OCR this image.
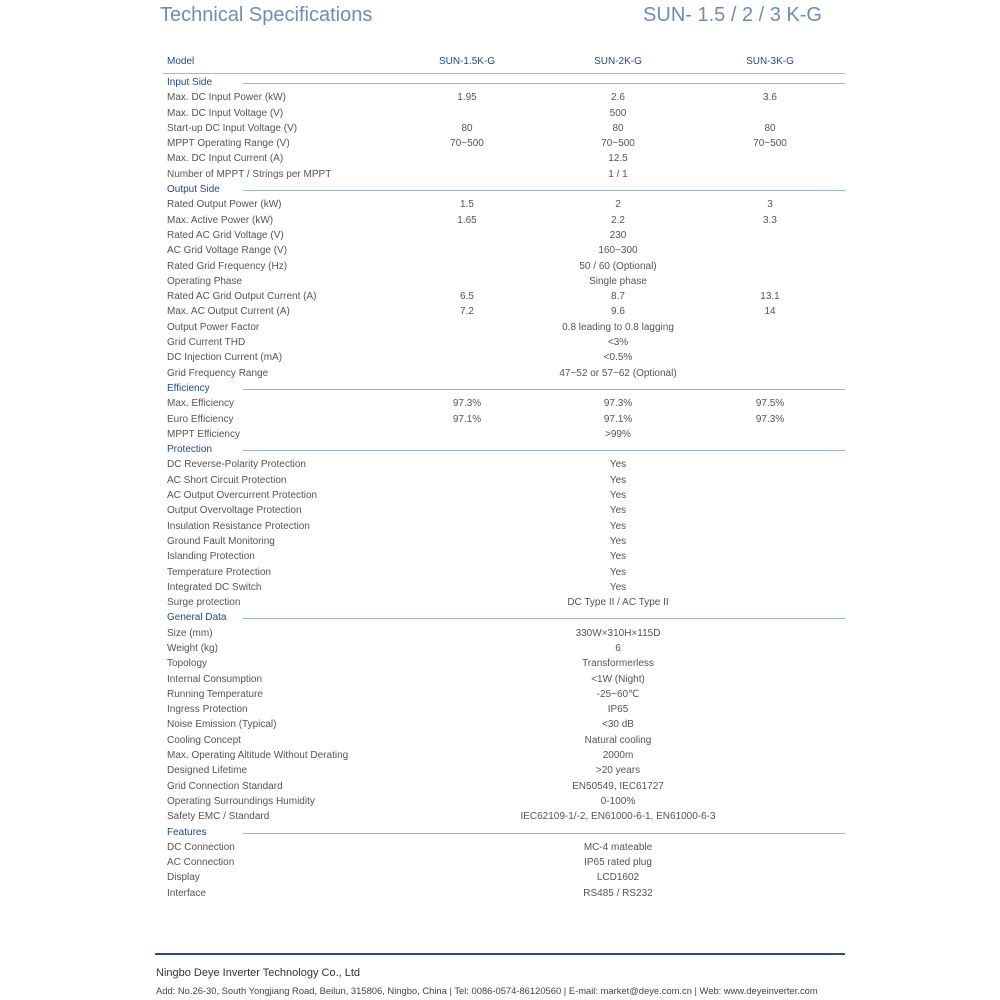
Technical Specifications	SUN- 1.5 / 2 / 3 K-G
Model	SUN-1.5K-G	SUN-2K-G	SUN-3K-G
Input Side
Max. DC Input Power (kW)	1.95	2.6	3.6
Max. DC Input Voltage (V)	500
Start-up DC Input Voltage (V)	80	80	80
MPPT Operating Range (V)	70~500	70~500	70~500
Max. DC Input Current (A)	12.5
Number of MPPT / Strings per MPPT	1 / 1
Output Side
Rated Output Power (kW)	1.5	2	3
Max. Active Power (kW)	1.65	2.2	3.3
Rated AC Grid Voltage (V)	230
AC Grid Voltage Range (V)	160~300
Rated Grid Frequency (Hz)	50 / 60 (Optional)
Operating Phase	Single phase
Rated AC Grid Output Current (A)	6.5	8.7	13.1
Max. AC Output Current (A)	7.2	9.6	14
Output Power Factor	0.8 leading to 0.8 lagging
Grid Current THD	<3%
DC Injection Current (mA)	<0.5%
Grid Frequency Range	47~52 or 57~62 (Optional)
Efficiency
Max. Efficiency	97.3%	97.3%	97.5%
Euro Efficiency	97.1%	97.1%	97.3%
MPPT Efficiency	>99%
Protection
DC Reverse-Polarity Protection	Yes
AC Short Circuit Protection	Yes
AC Output Overcurrent Protection	Yes
Output Overvoltage Protection	Yes
Insulation Resistance Protection	Yes
Ground Fault Monitoring	Yes
Islanding Protection	Yes
Temperature Protection	Yes
Integrated DC Switch	Yes
Surge protection	DC Type II / AC Type II
General Data
Size (mm)	330W×310H×115D
Weight (kg)	6
Topology	Transformerless
Internal Consumption	<1W (Night)
Running Temperature	-25~60℃
Ingress Protection	IP65
Noise Emission (Typical)	<30 dB
Cooling Concept	Natural cooling
Max. Operating Altitude Without Derating	2000m
Designed Lifetime	>20 years
Grid Connection Standard	EN50549, IEC61727
Operating Surroundings Humidity	0-100%
Safety EMC / Standard	IEC62109-1/-2, EN61000-6-1, EN61000-6-3
Features
DC Connection	MC-4 mateable
AC Connection	IP65 rated plug
Display	LCD1602
Interface	RS485 / RS232
Ningbo Deye Inverter Technology Co., Ltd
Add: No.26-30, South Yongjiang Road, Beilun, 315806, Ningbo, China | Tel: 0086-0574-86120560 | E-mail: market@deye.com.cn | Web: www.deyeinverter.com
